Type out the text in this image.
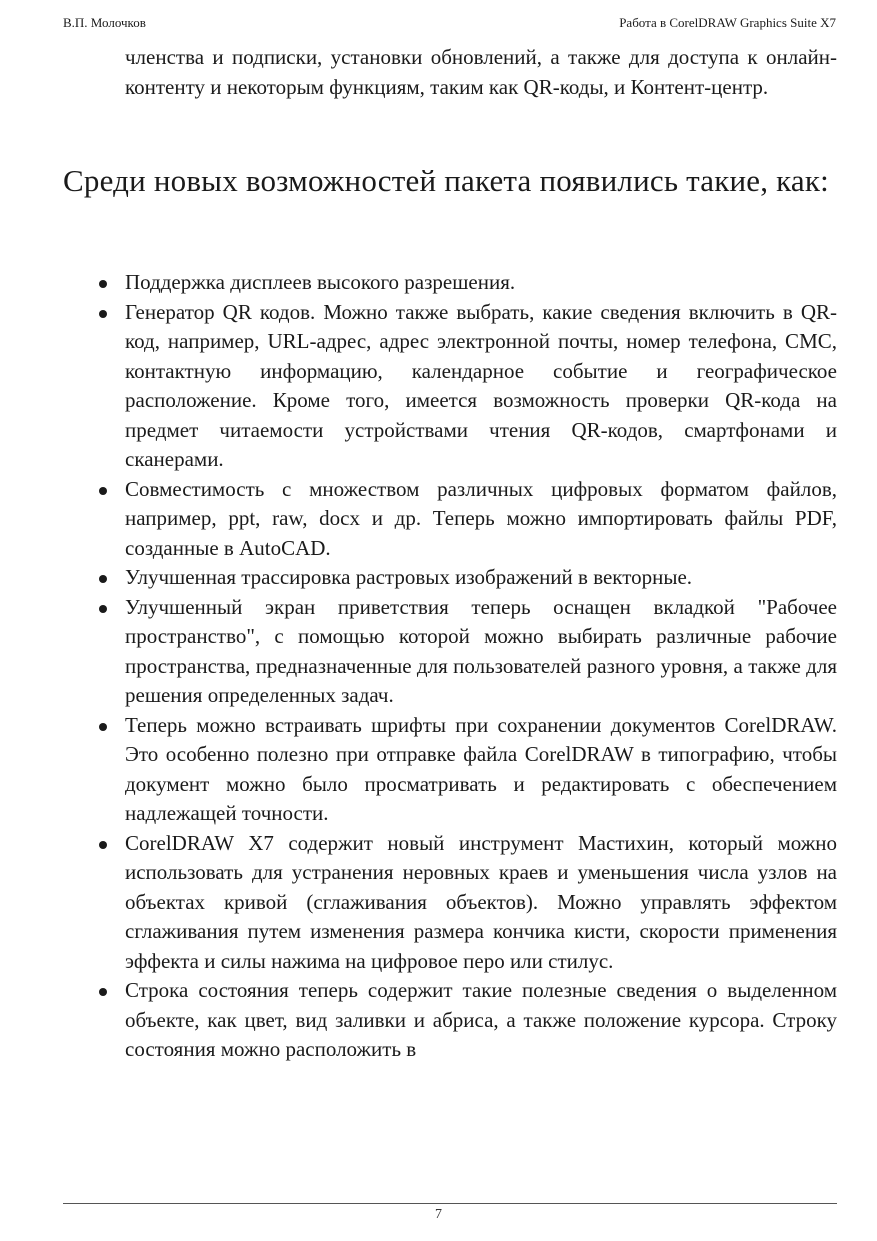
В.П. Молочков	Работа в CorelDRAW Graphics Suite X7

членства и подписки, установки обновлений, а также для доступа к онлайн-контенту и некоторым функциям, таким как QR-коды, и Контент-центр.

Среди новых возможностей пакета появились такие, как:

Поддержка дисплеев высокого разрешения.
Генератор QR кодов. Можно также выбрать, какие сведения включить в QR-код, например, URL-адрес, адрес электронной почты, номер телефона, СМС, контактную информацию, календарное событие и географическое расположение. Кроме того, имеется возможность проверки QR-кода на предмет читаемости устройствами чтения QR-кодов, смартфонами и сканерами.
Совместимость с множеством различных цифровых форматом файлов, например, ppt, raw, docx и др. Теперь можно импортировать файлы PDF, созданные в AutoCAD.
Улучшенная трассировка растровых изображений в векторные.
Улучшенный экран приветствия теперь оснащен вкладкой "Рабочее пространство", с помощью которой можно выбирать различные рабочие пространства, предназначенные для пользователей разного уровня, а также для решения определенных задач.
Теперь можно встраивать шрифты при сохранении документов CorelDRAW. Это особенно полезно при отправке файла CorelDRAW в типографию, чтобы документ можно было просматривать и редактировать с обеспечением надлежащей точности.
CorelDRAW X7 содержит новый инструмент Мастихин, который можно использовать для устранения неровных краев и уменьшения числа узлов на объектах кривой (сглаживания объектов). Можно управлять эффектом сглаживания путем изменения размера кончика кисти, скорости применения эффекта и силы нажима на цифровое перо или стилус.
Строка состояния теперь содержит такие полезные сведения о выделенном объекте, как цвет, вид заливки и абриса, а также положение курсора. Строку состояния можно расположить в
7
